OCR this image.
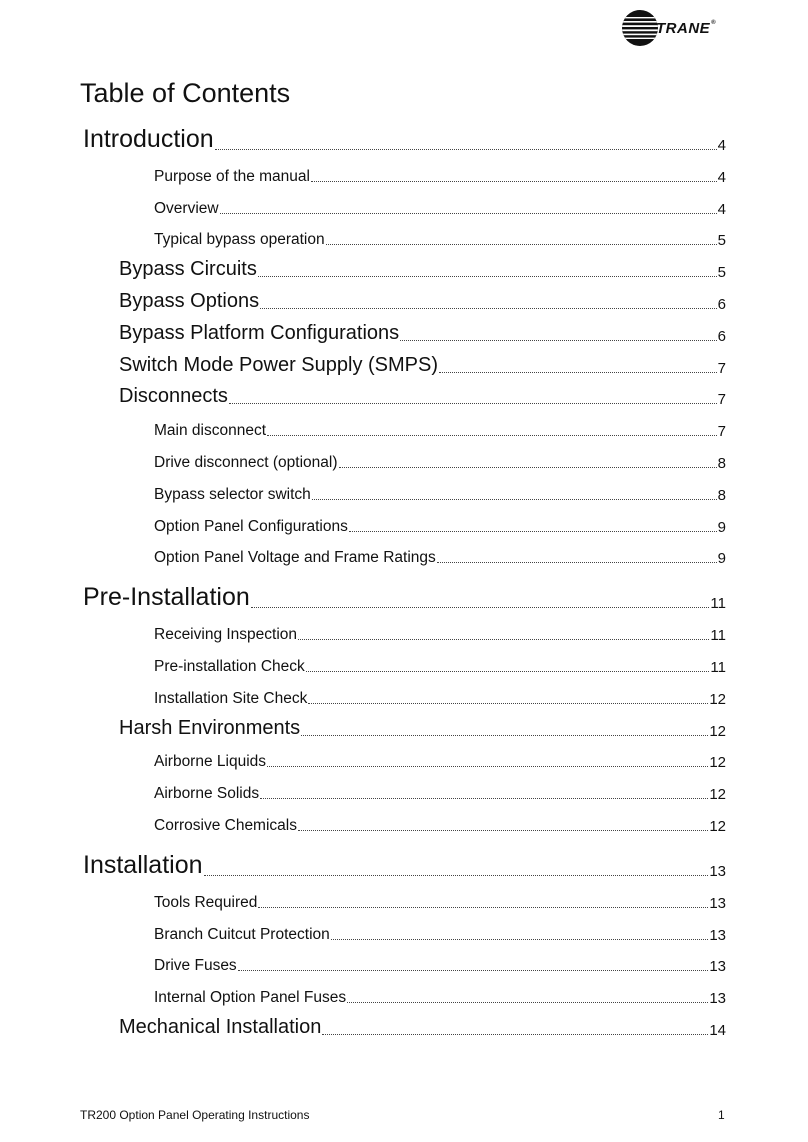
TRANE®
Table of Contents
Introduction	4
Purpose of the manual	4
Overview	4
Typical bypass operation	5
Bypass Circuits	5
Bypass Options	6
Bypass Platform Configurations	6
Switch Mode Power Supply (SMPS)	7
Disconnects	7
Main disconnect	7
Drive disconnect (optional)	8
Bypass selector switch	8
Option Panel Configurations	9
Option Panel Voltage and Frame Ratings	9
Pre-Installation	11
Receiving Inspection	11
Pre-installation Check	11
Installation Site Check	12
Harsh Environments	12
Airborne Liquids	12
Airborne Solids	12
Corrosive Chemicals	12
Installation	13
Tools Required	13
Branch Cuitcut Protection	13
Drive Fuses	13
Internal Option Panel Fuses	13
Mechanical Installation	14
TR200 Option Panel Operating Instructions	1
